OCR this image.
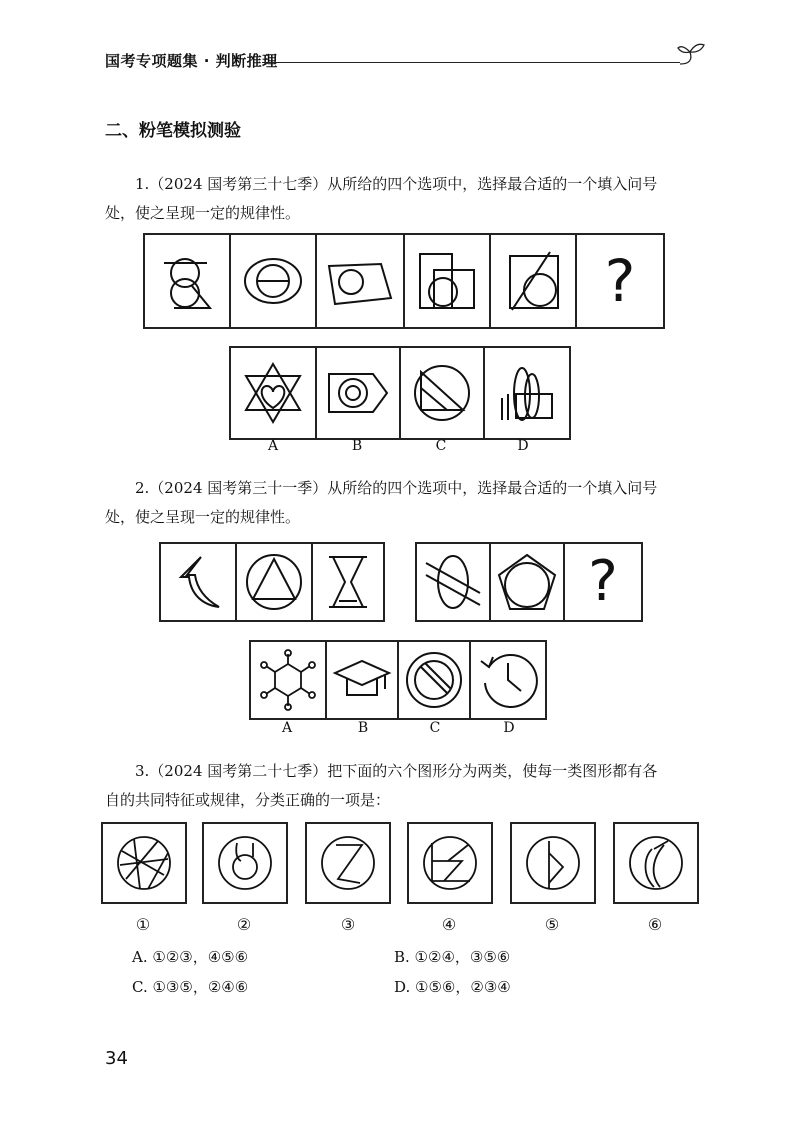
国考专项题集 · 判断推理
二、粉笔模拟测验
1.（2024 国考第三十七季）从所给的四个选项中，选择最合适的一个填入问号
处，使之呈现一定的规律性。
?
A	B	C	D
2.（2024 国考第三十一季）从所给的四个选项中，选择最合适的一个填入问号
处，使之呈现一定的规律性。
?
A	B	C	D
3.（2024 国考第二十七季）把下面的六个图形分为两类，使每一类图形都有各
自的共同特征或规律，分类正确的一项是：
①	②	③	④	⑤	⑥
A. ①②③，④⑤⑥	B. ①②④，③⑤⑥
C. ①③⑤，②④⑥	D. ①⑤⑥，②③④
34
